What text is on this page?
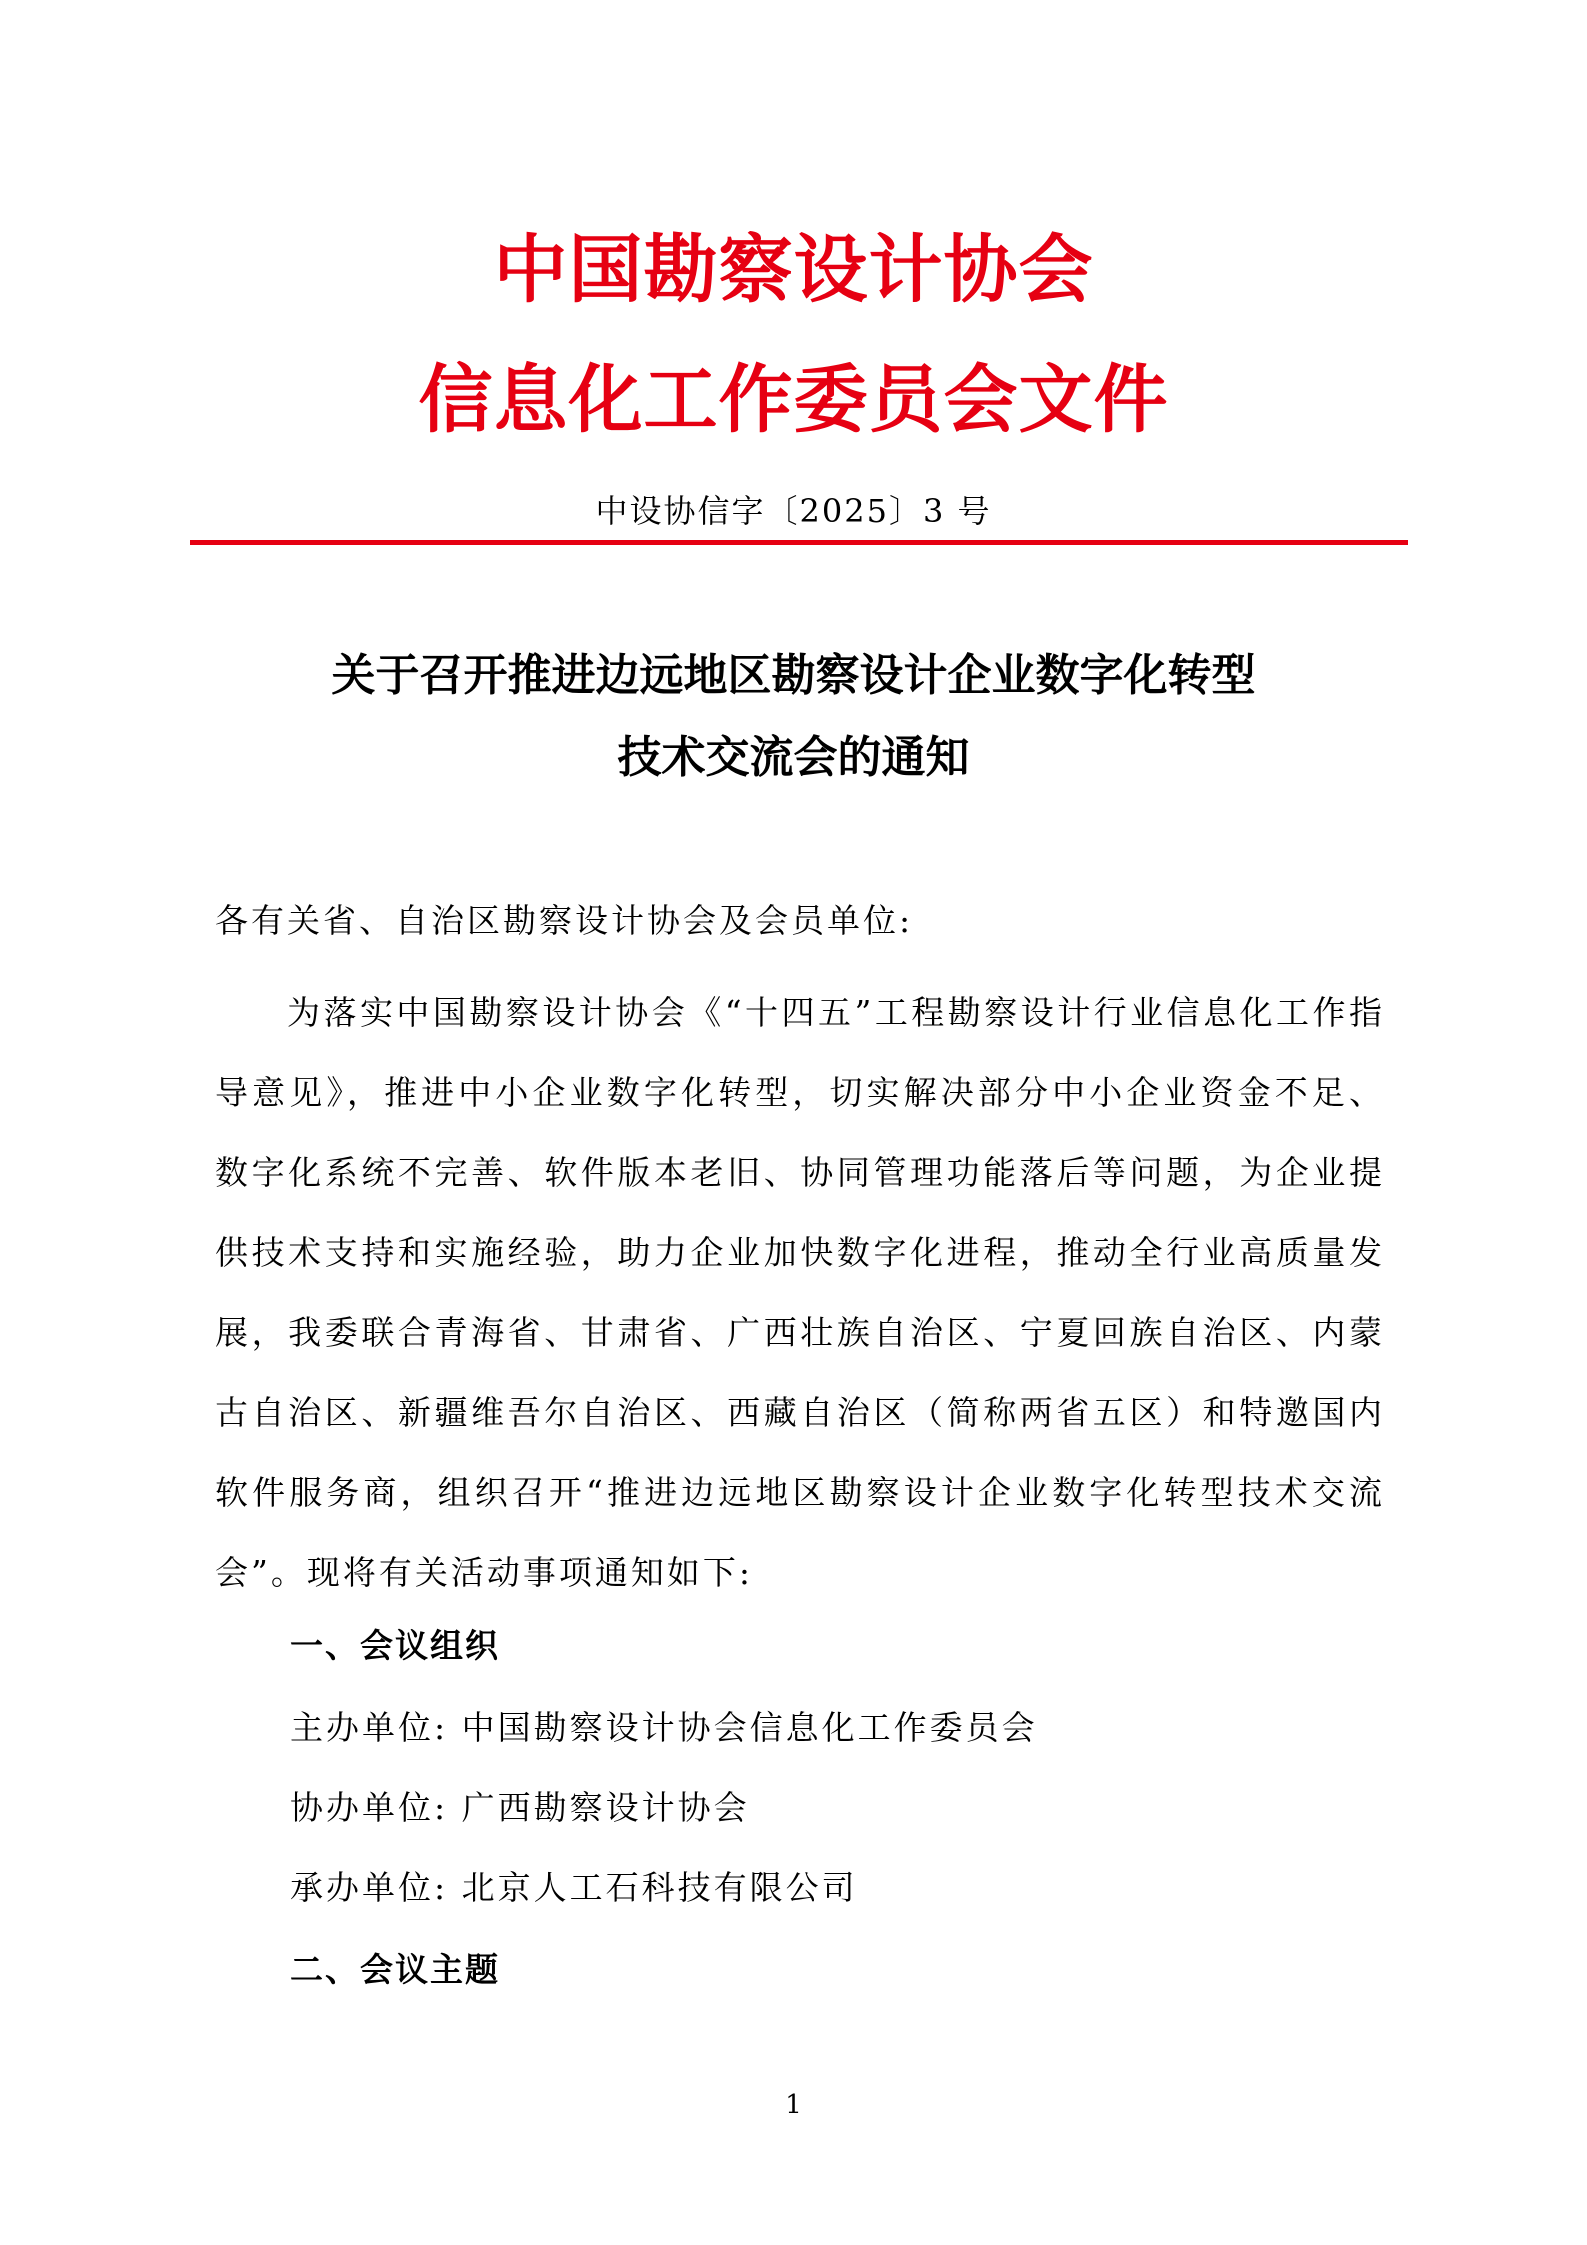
中国勘察设计协会
信息化工作委员会文件
中设协信字〔2025〕3 号
关于召开推进边远地区勘察设计企业数字化转型
技术交流会的通知
各有关省、自治区勘察设计协会及会员单位:

为落实中国勘察设计协会《“十四五”工程勘察设计行业信息化工作指导意见》，推进中小企业数字化转型，切实解决部分中小企业资金不足、数字化系统不完善、软件版本老旧、协同管理功能落后等问题，为企业提供技术支持和实施经验，助力企业加快数字化进程，推动全行业高质量发展，我委联合青海省、甘肃省、广西壮族自治区、宁夏回族自治区、内蒙古自治区、新疆维吾尔自治区、西藏自治区（简称两省五区）和特邀国内软件服务商，组织召开“推进边远地区勘察设计企业数字化转型技术交流会”。现将有关活动事项通知如下:

一、会议组织
主办单位: 中国勘察设计协会信息化工作委员会
协办单位: 广西勘察设计协会
承办单位: 北京人工石科技有限公司
二、会议主题
1
